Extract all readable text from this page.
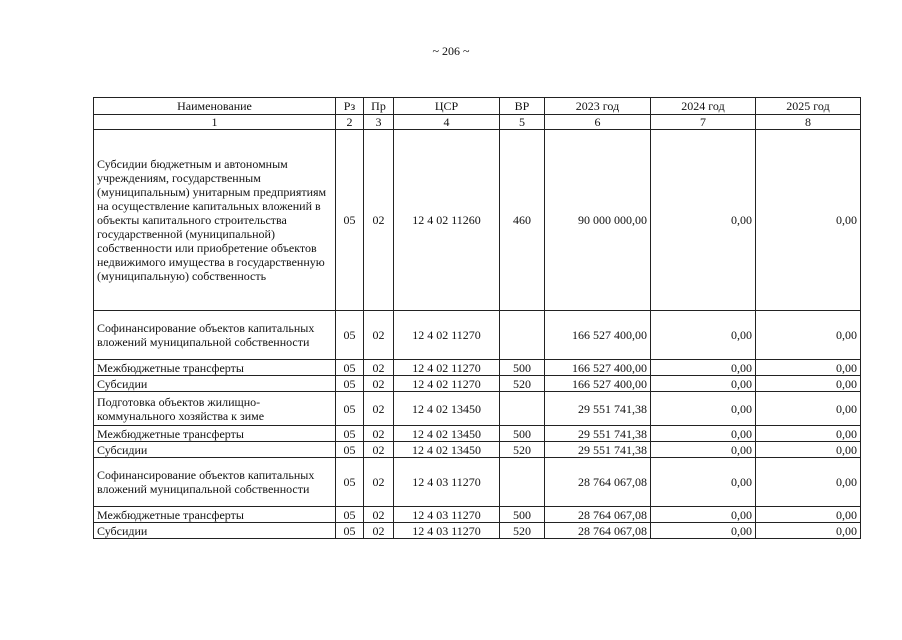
~ 206 ~
Наименование	Рз	Пр	ЦСР	ВР	2023 год	2024 год	2025 год
1	2	3	4	5	6	7	8
Субсидии бюджетным и автономным учреждениям, государственным (муниципальным) унитарным предприятиям на осуществление капитальных вложений в объекты капитального строительства государственной (муниципальной) собственности или приобретение объектов недвижимого имущества в государственную (муниципальную) собственность	05	02	12 4 02 11260	460	90 000 000,00	0,00	0,00
Софинансирование объектов капитальных вложений муниципальной собственности	05	02	12 4 02 11270		166 527 400,00	0,00	0,00
Межбюджетные трансферты	05	02	12 4 02 11270	500	166 527 400,00	0,00	0,00
Субсидии	05	02	12 4 02 11270	520	166 527 400,00	0,00	0,00
Подготовка объектов жилищно-коммунального хозяйства к зиме	05	02	12 4 02 13450		29 551 741,38	0,00	0,00
Межбюджетные трансферты	05	02	12 4 02 13450	500	29 551 741,38	0,00	0,00
Субсидии	05	02	12 4 02 13450	520	29 551 741,38	0,00	0,00
Софинансирование объектов капитальных вложений муниципальной собственности	05	02	12 4 03 11270		28 764 067,08	0,00	0,00
Межбюджетные трансферты	05	02	12 4 03 11270	500	28 764 067,08	0,00	0,00
Субсидии	05	02	12 4 03 11270	520	28 764 067,08	0,00	0,00
